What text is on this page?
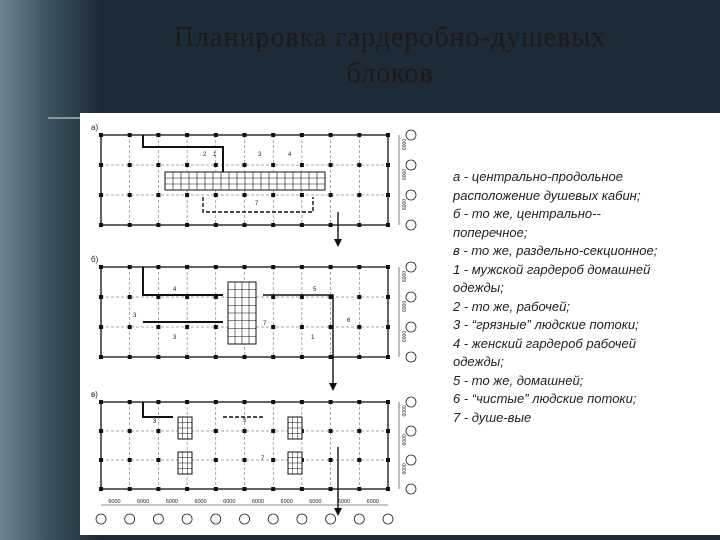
Планировка гардеробно-душевых
блоков
а)
6000
6000
6000
2	3	4
7
1
б)
6000
6000
6000
4	5
3
7	6
1
3
в)
6000
6000
6000
3
7
5
6000	6000	6000	6000	6000	6000	6000	6000	6000	6000
а - центрально-продольное
расположение душевых кабин;
б - то же, центрально--
поперечное;
в - то же, раздельно-секционное;
1 - мужской гардероб домашней
одежды;
2 - то же, рабочей;
3 - “грязные” людские потоки;
4 - женский гардероб рабочей
одежды;
5 - то же, домашней;
6 - “чистые” людские потоки;
7 - душе-вые
